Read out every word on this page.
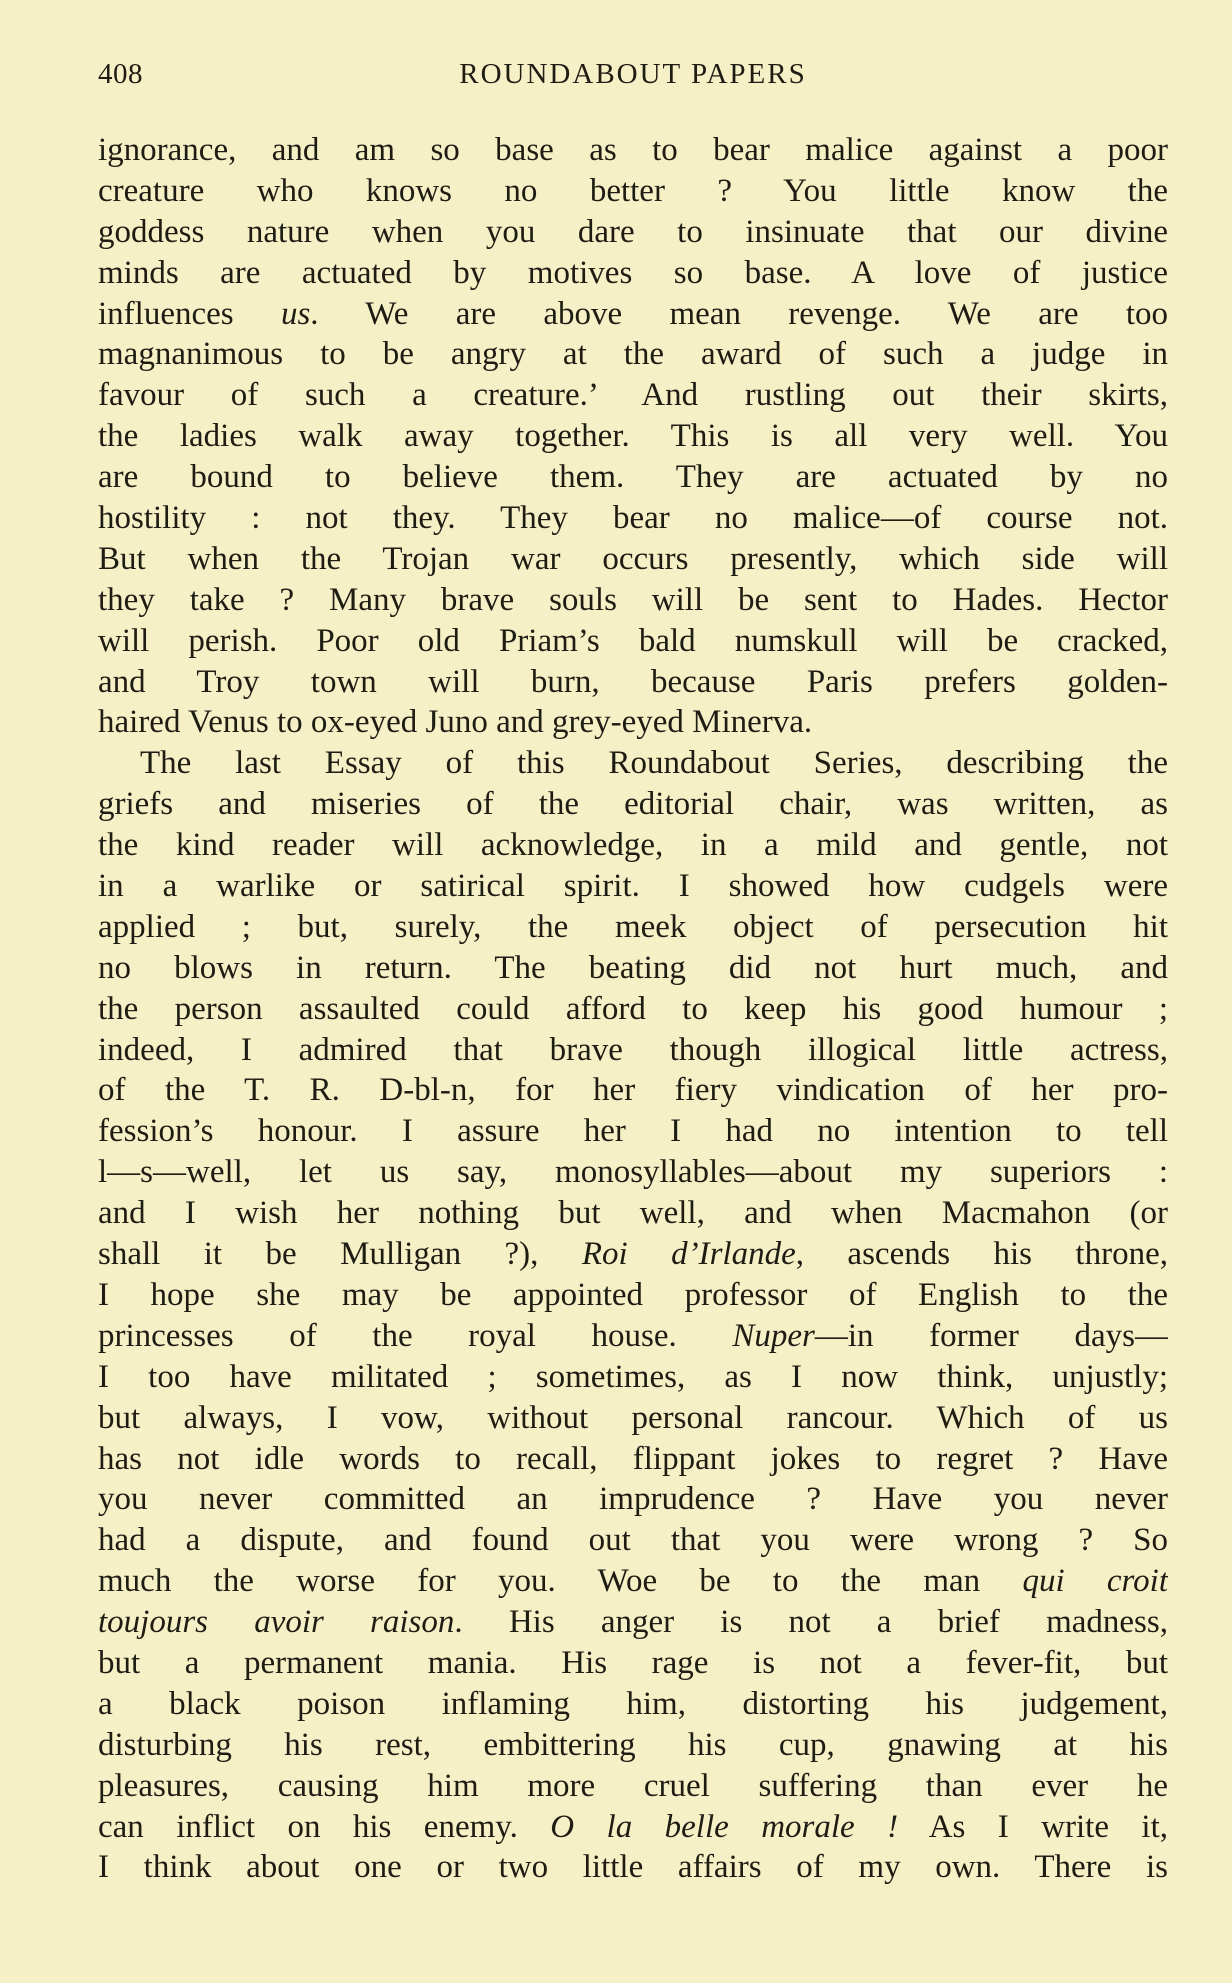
408	ROUNDABOUT PAPERS
ignorance, and am so base as to bear malice against a poor
creature who knows no better ? You little know the
goddess nature when you dare to insinuate that our divine
minds are actuated by motives so base. A love of justice
influences us. We are above mean revenge. We are too
magnanimous to be angry at the award of such a judge in
favour of such a creature.’ And rustling out their skirts,
the ladies walk away together. This is all very well. You
are bound to believe them. They are actuated by no
hostility : not they. They bear no malice—of course not.
But when the Trojan war occurs presently, which side will
they take ? Many brave souls will be sent to Hades. Hector
will perish. Poor old Priam’s bald numskull will be cracked,
and Troy town will burn, because Paris prefers golden-
haired Venus to ox-eyed Juno and grey-eyed Minerva.
The last Essay of this Roundabout Series, describing the
griefs and miseries of the editorial chair, was written, as
the kind reader will acknowledge, in a mild and gentle, not
in a warlike or satirical spirit. I showed how cudgels were
applied ; but, surely, the meek object of persecution hit
no blows in return. The beating did not hurt much, and
the person assaulted could afford to keep his good humour ;
indeed, I admired that brave though illogical little actress,
of the T. R. D-bl-n, for her fiery vindication of her pro-
fession’s honour. I assure her I had no intention to tell
l—s—well, let us say, monosyllables—about my superiors :
and I wish her nothing but well, and when Macmahon (or
shall it be Mulligan ?), Roi d’Irlande, ascends his throne,
I hope she may be appointed professor of English to the
princesses of the royal house. Nuper—in former days—
I too have militated ; sometimes, as I now think, unjustly;
but always, I vow, without personal rancour. Which of us
has not idle words to recall, flippant jokes to regret ? Have
you never committed an imprudence ? Have you never
had a dispute, and found out that you were wrong ? So
much the worse for you. Woe be to the man qui croit
toujours avoir raison. His anger is not a brief madness,
but a permanent mania. His rage is not a fever-fit, but
a black poison inflaming him, distorting his judgement,
disturbing his rest, embittering his cup, gnawing at his
pleasures, causing him more cruel suffering than ever he
can inflict on his enemy. O la belle morale ! As I write it,
I think about one or two little affairs of my own. There is
